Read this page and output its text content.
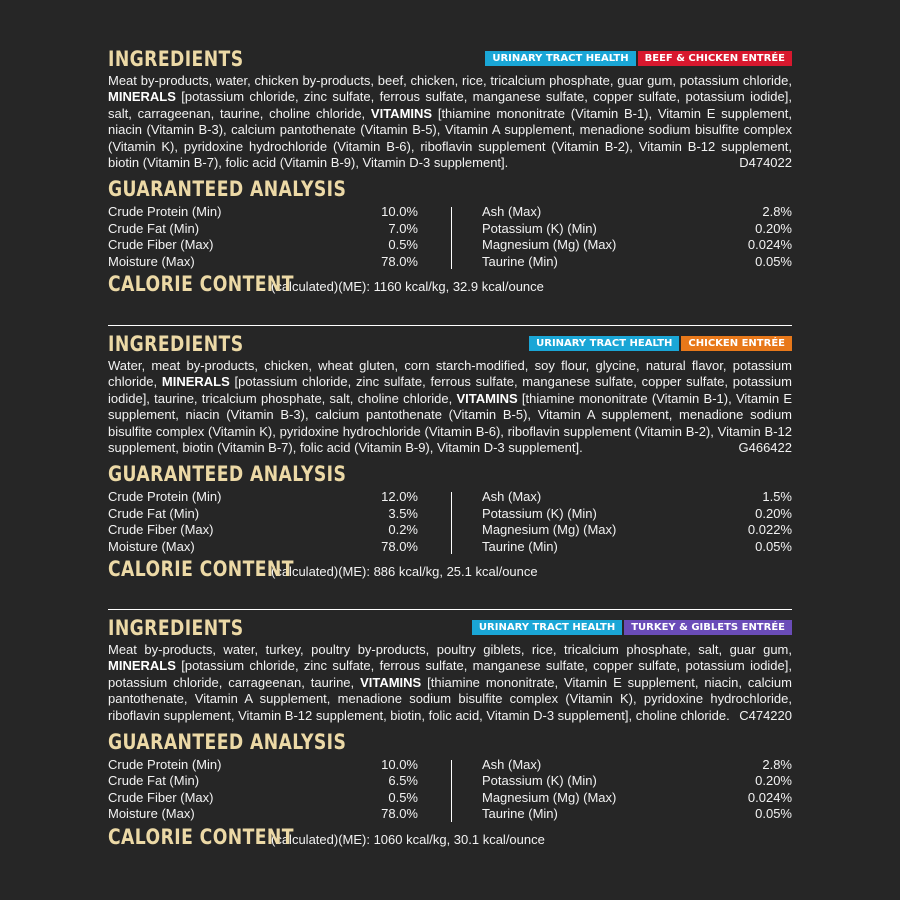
INGREDIENTS	URINARY TRACT HEALTH	BEEF & CHICKEN ENTRÉE
Meat by-products, water, chicken by-products, beef, chicken, rice, tricalcium phosphate, guar gum, potassium chloride, MINERALS [potassium chloride, zinc sulfate, ferrous sulfate, manganese sulfate, copper sulfate, potassium iodide], salt, carrageenan, taurine, choline chloride, VITAMINS [thiamine mononitrate (Vitamin B-1), Vitamin E supplement, niacin (Vitamin B-3), calcium pantothenate (Vitamin B-5), Vitamin A supplement, menadione sodium bisulfite complex (Vitamin K), pyridoxine hydrochloride (Vitamin B-6), riboflavin supplement (Vitamin B-2), Vitamin B-12 supplement, biotin (Vitamin B-7), folic acid (Vitamin B-9), Vitamin D-3 supplement].	D474022
GUARANTEED ANALYSIS
Crude Protein (Min)	10.0%
Crude Fat (Min)	7.0%
Crude Fiber (Max)	0.5%
Moisture (Max)	78.0%
Ash (Max)	2.8%
Potassium (K) (Min)	0.20%
Magnesium (Mg) (Max)	0.024%
Taurine (Min)	0.05%
CALORIE CONTENT
(calculated)(ME): 1160 kcal/kg, 32.9 kcal/ounce
INGREDIENTS	URINARY TRACT HEALTH	CHICKEN ENTRÉE
Water, meat by-products, chicken, wheat gluten, corn starch-modified, soy flour, glycine, natural flavor, potassium chloride, MINERALS [potassium chloride, zinc sulfate, ferrous sulfate, manganese sulfate, copper sulfate, potassium iodide], taurine, tricalcium phosphate, salt, choline chloride, VITAMINS [thiamine mononitrate (Vitamin B-1), Vitamin E supplement, niacin (Vitamin B-3), calcium pantothenate (Vitamin B-5), Vitamin A supplement, menadione sodium bisulfite complex (Vitamin K), pyridoxine hydrochloride (Vitamin B-6), riboflavin supplement (Vitamin B-2), Vitamin B-12 supplement, biotin (Vitamin B-7), folic acid (Vitamin B-9), Vitamin D-3 supplement].	G466422
GUARANTEED ANALYSIS
Crude Protein (Min)	12.0%
Crude Fat (Min)	3.5%
Crude Fiber (Max)	0.2%
Moisture (Max)	78.0%
Ash (Max)	1.5%
Potassium (K) (Min)	0.20%
Magnesium (Mg) (Max)	0.022%
Taurine (Min)	0.05%
CALORIE CONTENT
(calculated)(ME): 886 kcal/kg, 25.1 kcal/ounce
INGREDIENTS	URINARY TRACT HEALTH	TURKEY & GIBLETS ENTRÉE
Meat by-products, water, turkey, poultry by-products, poultry giblets, rice, tricalcium phosphate, salt, guar gum, MINERALS [potassium chloride, zinc sulfate, ferrous sulfate, manganese sulfate, copper sulfate, potassium iodide], potassium chloride, carrageenan, taurine, VITAMINS [thiamine mononitrate, Vitamin E supplement, niacin, calcium pantothenate, Vitamin A supplement, menadione sodium bisulfite complex (Vitamin K), pyridoxine hydrochloride, riboflavin supplement, Vitamin B-12 supplement, biotin, folic acid, Vitamin D-3 supplement], choline chloride. C474220
GUARANTEED ANALYSIS
Crude Protein (Min)	10.0%
Crude Fat (Min)	6.5%
Crude Fiber (Max)	0.5%
Moisture (Max)	78.0%
Ash (Max)	2.8%
Potassium (K) (Min)	0.20%
Magnesium (Mg) (Max)	0.024%
Taurine (Min)	0.05%
CALORIE CONTENT
(calculated)(ME): 1060 kcal/kg, 30.1 kcal/ounce
